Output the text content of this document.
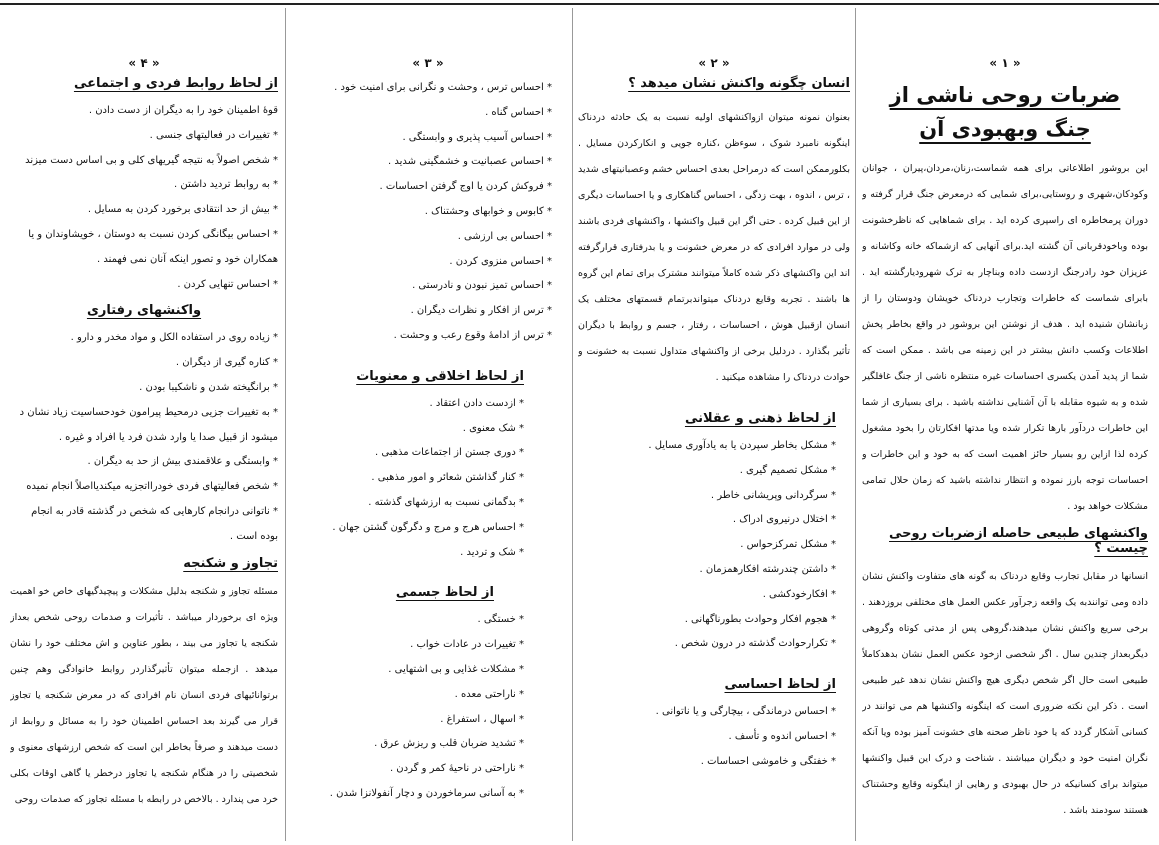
« ۱ »
ضربات روحی ناشی از
جنگ وبهبودی آن

این بروشور اطلاعاتی برای همه شماست،زنان،مردان،پیران ، جوانان وکودکان،شهری و روستایی،برای شمایی که درمعرض جنگ قرار گرفته و دوران پرمخاطره ای راسپری کرده اید . برای شماهایی که ناظرخشونت بوده وباخودقربانی آن گشته اید.برای آنهایی که ازشماکه خانه وکاشانه و عزیزان خود رادرجنگ ازدست داده وبناچار به ترک شهروديارگشته اید . بابرای شماست که خاطرات وتجارب دردناک خویشان ودوستان را از زبانشان شنیده اید . هدف از نوشتن این بروشور در واقع بخاطر پخش اطلاعات وکسب دانش بیشتر در این زمینه می باشد . ممکن است که شما از پدید آمدن یکسری احساسات غیره منتظره ناشی از جنگ غافلگیر شده و به شیوه مقابله با آن آشنایی نداشته باشید . برای بسیاری از شما این خاطرات دردآور بارها تکرار شده ویا مدتها افکارتان را بخود مشغول کرده لذا ازاین رو بسیار حائز اهمیت است که به خود و این خاطرات و احساسات توجه بارز نموده و انتظار نداشته باشید که زمان حلال تمامی مشکلات خواهد بود .

واکنشهای طبیعی حاصله ازضربات روحی چیست ؟

انسانها در مقابل تجارب وقایع دردناک به گونه های متفاوت واکنش نشان داده ومی توانندبه یک واقعه زجرآور عکس العمل های مختلفی بروزدهند . برخی سریع واکنش نشان میدهند،گروهی پس از مدتی کوتاه وگروهی دیگربعداز چندین سال . اگر شخصی ازخود عکس العمل نشان بدهدکاملاً طبیعی است حال اگر شخص دیگری هیچ واکنش نشان ندهد غیر طبیعی است . ذکر این نکته ضروری است که اینگونه واکنشها هم می توانند در کسانی آشکار گردد که یا خود ناظر صحنه های خشونت آمیز بوده ویا آنکه نگران امنیت خود و دیگران میباشند . شناخت و درک این قبیل واکنشها میتواند برای کسانیکه در حال بهبودی و رهایی از اینگونه وقایع وحشتناک هستند سودمند باشد .

« ۲ »
انسان چگونه واکنش نشان میدهد ؟

بعنوان نمونه میتوان ازواکنشهای اولیه نسبت به یک حادثه دردناک اینگونه نامبرد شوک ، سوءظن ،کناره جویی و انکارکردن مسایل . بکلورممکن است که درمراحل بعدی احساس خشم وعصبانیتهای شدید ، ترس ، اندوه ، بهت زدگی ، احساس گناهکاری و یا احساسات دیگری از این قبیل کرده . حتی اگر این قبیل واکنشها ، واکنشهای فردی باشند ولی در موارد افرادی که در معرض خشونت و یا بدرفتاری قرارگرفته اند این واکنشهای ذکر شده کاملاً میتوانند مشترک برای تمام این گروه ها باشند . تجربه وقایع دردناک میتواندبرتمام قسمتهای مختلف یک انسان ازقبیل هوش ، احساسات ، رفتار ، جسم و روابط با دیگران تأثیر بگذارد . دردلیل برخی از واکنشهای متداول نسبت به خشونت و حوادث دردناک را مشاهده میکنید .

از لحاظ ذهنی و عقلانی
* مشکل بخاطر سپردن یا به یادآوری مسایل .
* مشکل تصمیم گیری .
* سرگردانی وپریشانی خاطر .
* اختلال درنیروی ادراک .
* مشکل تمرکزحواس .
* داشتن چندرشته افکارهمزمان .
* افکارخودکشی .
* هجوم افکار وحوادث بطورناگهانی .
* تکرارحوادث گذشته در درون شخص .
از لحاظ احساسی
* احساس درماندگی ، بیچارگی و یا ناتوانی .
* احساس اندوه و تأسف .
* خفتگی و خاموشی احساسات .
« ۳ »
* احساس ترس ، وحشت و نگرانی برای امنیت خود .
* احساس گناه .
* احساس آسیب پذیری و وابستگی .
* احساس عصبانیت و خشمگینی شدید .
* فروکش کردن یا اوج گرفتن احساسات .
* کابوس و خوابهای وحشتناک .
* احساس بی ارزشی .
* احساس منزوی کردن .
* احساس تمیز نبودن و نادرستی .
* ترس از افکار و نظرات دیگران .
* ترس از ادامهٔ وقوع رعب و وحشت .
از لحاظ اخلاقی و معنویات
* ازدست دادن اعتقاد .
* شک معنوی .
* دوری جستن از اجتماعات مذهبی .
* کنار گذاشتن شعائر و امور مذهبی .
* بدگمانی نسبت به ارزشهای گذشته .
* احساس هرج و مرج و دگرگون گشتن جهان .
* شک و تردید .
از لحاظ جسمی
* خستگی .
* تغییرات در عادات خواب .
* مشکلات غذایی و بی اشتهایی .
* ناراحتی معده .
* اسهال ، استفراغ .
* تشدید ضربان قلب و ریزش عرق .
* ناراحتی در ناحیهٔ کمر و گردن .
* به آسانی سرماخوردن و دچار آنفولانزا شدن .
« ۴ »
از لحاظ روابط فردی و اجتماعی
قوهٔ اطمینان خود را به دیگران از دست دادن .
* تغییرات در فعالیتهای جنسی .
* شخص اصولاً به نتیجه گیریهای کلی و بی اساس دست میزند
* به روابط تردید داشتن .
* بیش از حد انتقادی برخورد کردن به مسایل .
* احساس بیگانگی کردن نسبت به دوستان ، خویشاوندان و یا
همکاران خود و تصور اینکه آنان نمی فهمند .
* احساس تنهایی کردن .
واکنشهای رفتاری
* زیاده روی در استفاده الکل و مواد مخدر و دارو .
* کناره گیری از دیگران .
* برانگیخته شدن و ناشکیبا بودن .
* به تغییرات جزیی درمحیط پیرامون خودحساسیت زیاد نشان د
میشود از قبیل صدا یا وارد شدن فرد یا افراد و غیره .
* وابستگی و علاقمندی بیش از حد به دیگران .
* شخص فعالیتهای فردی خودرااتجزیه میکندیااصلاً انجام نمیده
* ناتوانی درانجام کارهایی که شخص در گذشته قادر به انجام
بوده است .
تجاوز و شکنجه

مسئله تجاوز و شکنجه بدلیل مشکلات و پیچیدگیهای خاص خو اهمیت ویژه ای برخوردار میباشد . تأثیرات و صدمات روحی شخص بعداز شکنجه یا تجاوز می بیند ، بطور عناوین و اش مختلف خود را نشان میدهد . ازجمله میتوان تأثیرگذاردر روابط خانوادگی وهم چنین برتوانائیهای فردی انسان نام افرادی که در معرض شکنجه یا تجاوز قرار می گیرند بعد احساس اطمینان خود را به مسائل و روابط از دست میدهند و صرفاً بخاطر این است که شخص ارزشهای معنوی و شخصیتی را در هنگام شکنجه یا تجاوز درخطر یا گاهی اوقات بکلی خرد می پندارد . بالاخص در رابطه با مسئله تجاوز که صدمات روحی
